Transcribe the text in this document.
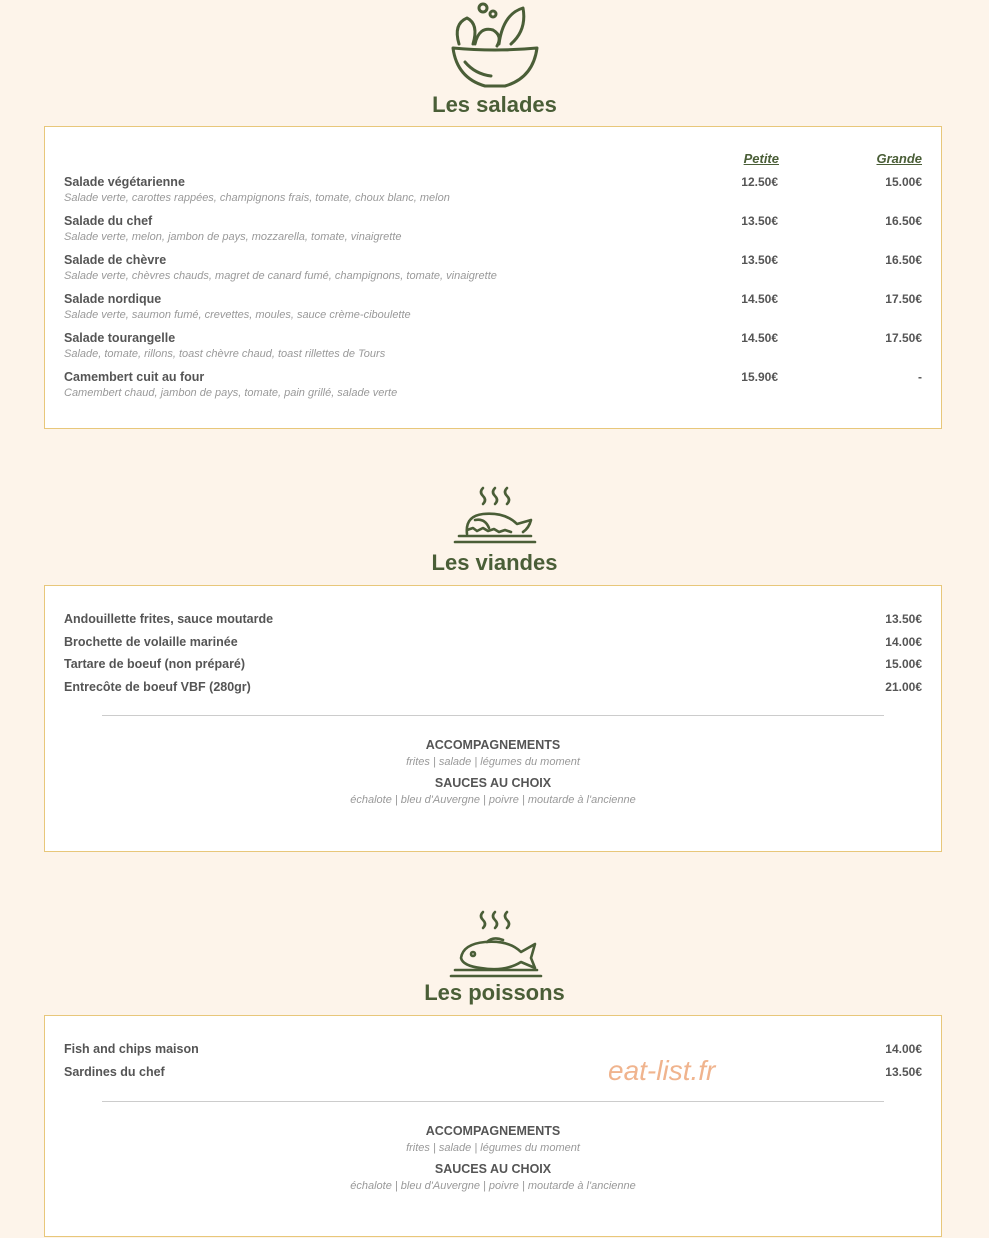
Les salades
Petite	Grande
Salade végétarienne
Salade verte, carottes rappées, champignons frais, tomate, choux blanc, melon
12.50€	15.00€
Salade du chef
Salade verte, melon, jambon de pays, mozzarella, tomate, vinaigrette
13.50€	16.50€
Salade de chèvre
Salade verte, chèvres chauds, magret de canard fumé, champignons, tomate, vinaigrette
13.50€	16.50€
Salade nordique
Salade verte, saumon fumé, crevettes, moules, sauce crème-ciboulette
14.50€	17.50€
Salade tourangelle
Salade, tomate, rillons, toast chèvre chaud, toast rillettes de Tours
14.50€	17.50€
Camembert cuit au four
Camembert chaud, jambon de pays, tomate, pain grillé, salade verte
15.90€	-
Les viandes
Andouillette frites, sauce moutarde	13.50€
Brochette de volaille marinée	14.00€
Tartare de boeuf (non préparé)	15.00€
Entrecôte de boeuf VBF (280gr)	21.00€
ACCOMPAGNEMENTS
frites | salade | légumes du moment
SAUCES AU CHOIX
échalote | bleu d'Auvergne | poivre | moutarde à l'ancienne
Les poissons
Fish and chips maison	14.00€
Sardines du chef	13.50€
ACCOMPAGNEMENTS
frites | salade | légumes du moment
SAUCES AU CHOIX
échalote | bleu d'Auvergne | poivre | moutarde à l'ancienne
eat-list.fr
